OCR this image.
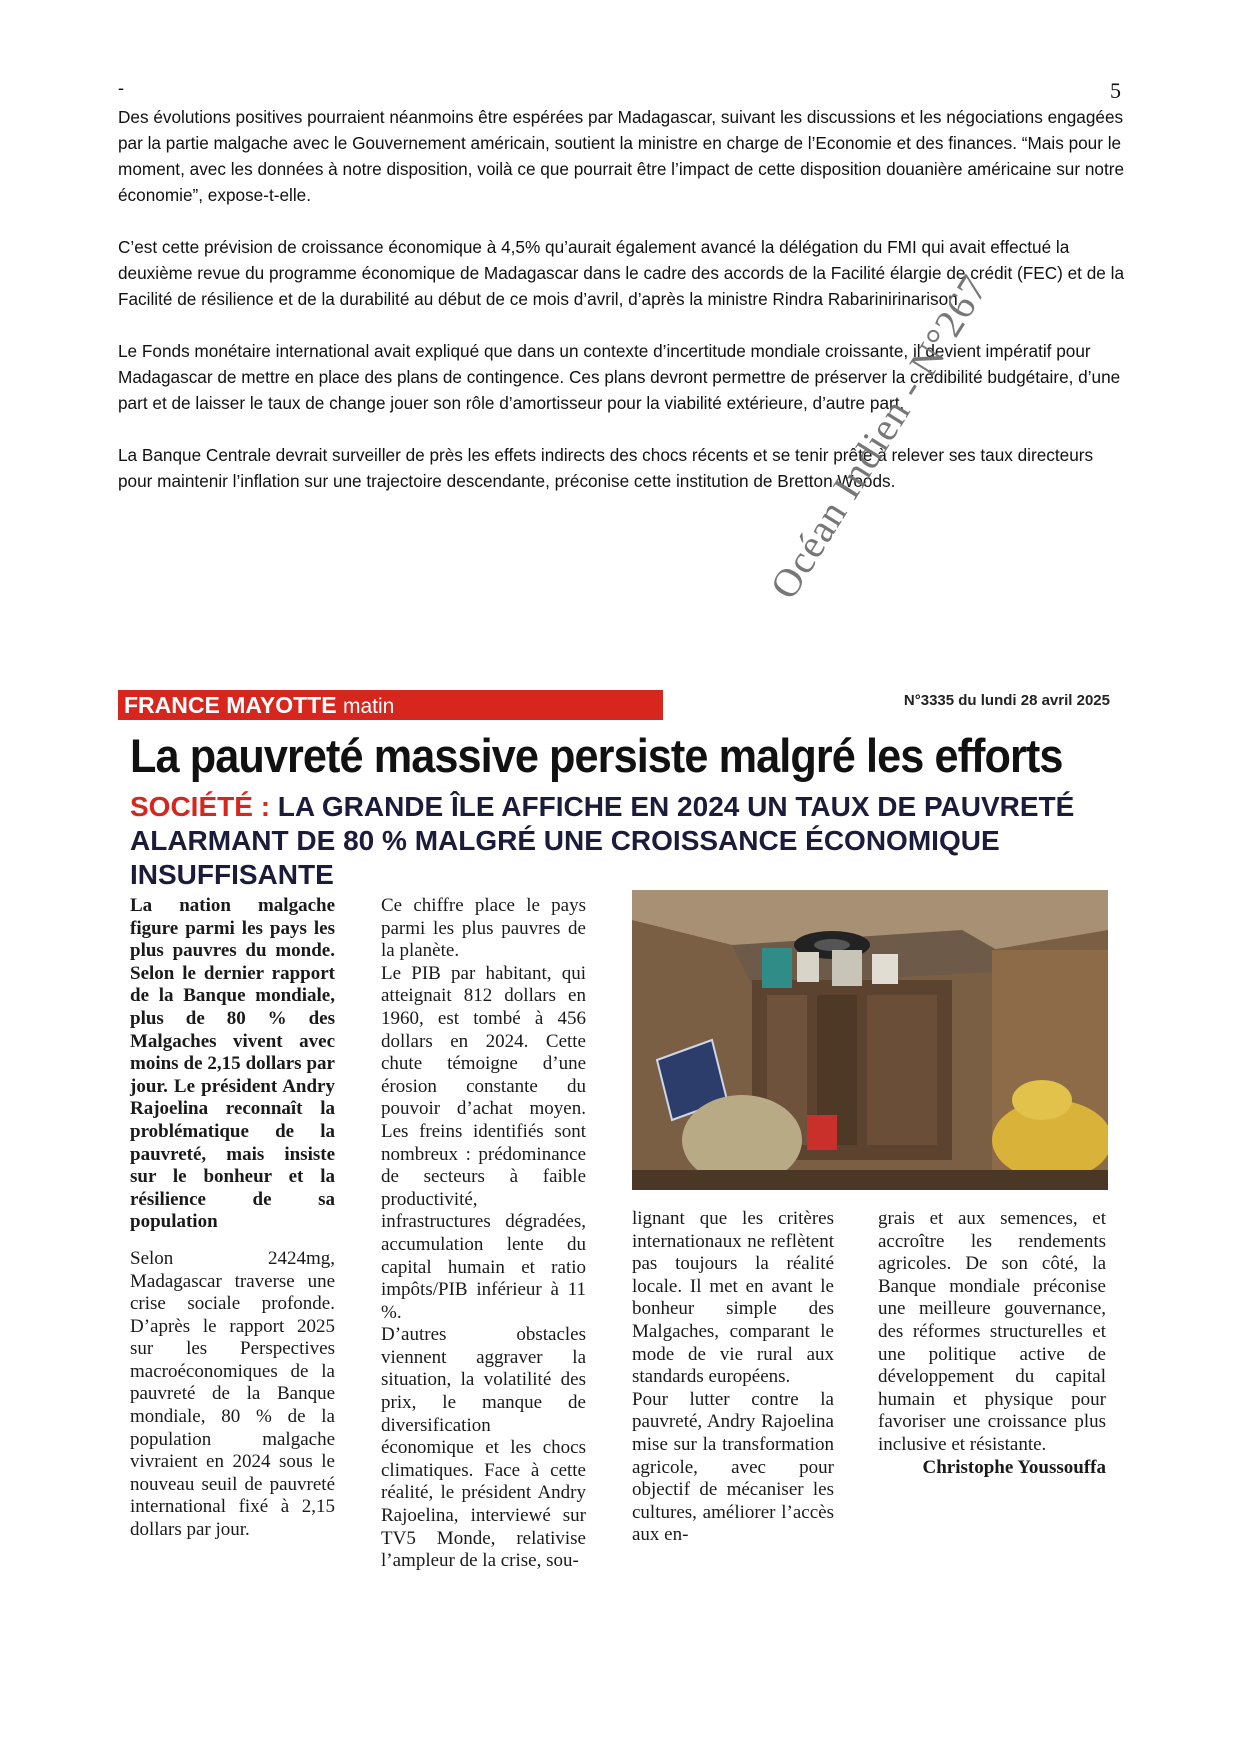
-	5

Des évolutions positives pourraient néanmoins être espérées par Madagascar, suivant les discussions et les négociations engagées par la partie malgache avec le Gouvernement américain, soutient la ministre en charge de l’Economie et des finances. “Mais pour le moment, avec les données à notre disposition, voilà ce que pourrait être l’impact de cette disposition douanière américaine sur notre économie”, expose-t-elle.

C’est cette prévision de croissance économique à 4,5% qu’aurait également avancé la délégation du FMI qui avait effectué la deuxième revue du programme économique de Madagascar dans le cadre des accords de la Facilité élargie de crédit (FEC) et de la Facilité de résilience et de la durabilité au début de ce mois d’avril, d’après la ministre Rindra Rabarinirinarison.

Le Fonds monétaire international avait expliqué que dans un contexte d’incertitude mondiale croissante, il devient impératif pour Madagascar de mettre en place des plans de contingence. Ces plans devront permettre de préserver la crédibilité budgétaire, d’une part et de laisser le taux de change jouer son rôle d’amortisseur pour la viabilité extérieure, d’autre part.

La Banque Centrale devrait surveiller de près les effets indirects des chocs récents et se tenir prête à relever ses taux directeurs pour maintenir l’inflation sur une trajectoire descendante, préconise cette institution de Bretton Woods.

FRANCE MAYOTTE matin	N°3335 du lundi 28 avril 2025
La pauvreté massive persiste malgré les efforts
SOCIÉTÉ : LA GRANDE ÎLE AFFICHE EN 2024 UN TAUX DE PAUVRETÉ ALARMANT DE 80 % MALGRÉ UNE CROISSANCE ÉCONOMIQUE INSUFFISANTE

La nation malgache figure parmi les pays les plus pauvres du monde. Selon le dernier rapport de la Banque mondiale, plus de 80 % des Malgaches vivent avec moins de 2,15 dollars par jour. Le président Andry Rajoelina reconnaît la problématique de la pauvreté, mais insiste sur le bonheur et la résilience de sa population

Selon 2424mg, Madagascar traverse une crise sociale profonde. D’après le rapport 2025 sur les Perspectives macroéconomiques de la pauvreté de la Banque mondiale, 80 % de la population malgache vivraient en 2024 sous le nouveau seuil de pauvreté international fixé à 2,15 dollars par jour.

Ce chiffre place le pays parmi les plus pauvres de la planète.

Le PIB par habitant, qui atteignait 812 dollars en 1960, est tombé à 456 dollars en 2024. Cette chute témoigne d’une érosion constante du pouvoir d’achat moyen. Les freins identifiés sont nombreux : prédominance de secteurs à faible productivité, infrastructures dégradées, accumulation lente du capital humain et ratio impôts/PIB inférieur à 11 %.

D’autres obstacles viennent aggraver la situation, la volatilité des prix, le manque de diversification économique et les chocs climatiques. Face à cette réalité, le président Andry Rajoelina, interviewé sur TV5 Monde, relativise l’ampleur de la crise, sou-

lignant que les critères internationaux ne reflètent pas toujours la réalité locale. Il met en avant le bonheur simple des Malgaches, comparant le mode de vie rural aux standards européens.

Pour lutter contre la pauvreté, Andry Rajoelina mise sur la transformation agricole, avec pour objectif de mécaniser les cultures, améliorer l’accès aux en-

grais et aux semences, et accroître les rendements agricoles. De son côté, la Banque mondiale préconise une meilleure gouvernance, des réformes structurelles et une politique active de développement du capital humain et physique pour favoriser une croissance plus inclusive et résistante.

Christophe Youssouffa

Océan Indien - N°267
